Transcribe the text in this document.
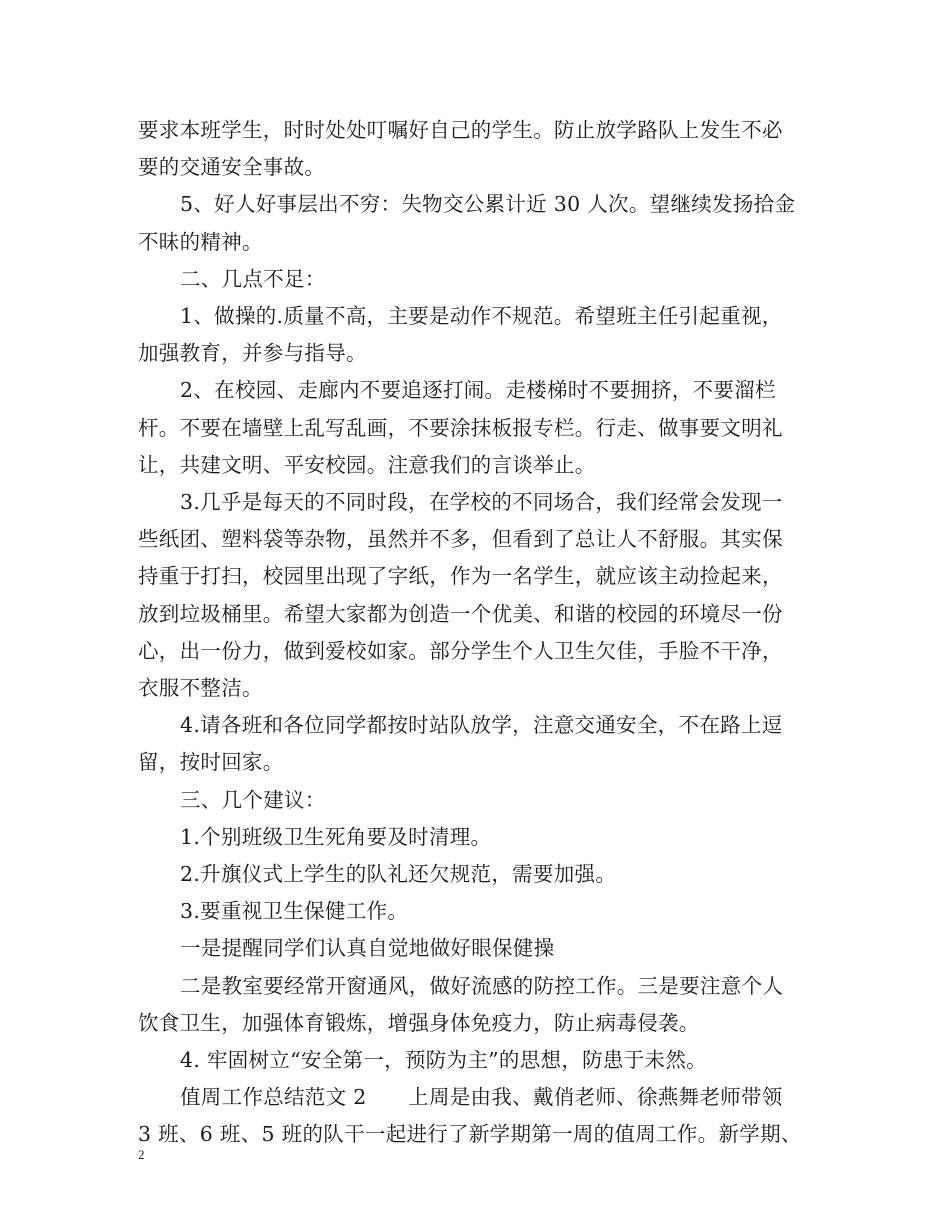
要求本班学生，时时处处叮嘱好自己的学生。防止放学路队上发生不必
要的交通安全事故。
5、好人好事层出不穷：失物交公累计近 30 人次。望继续发扬拾金
不昧的精神。
二、几点不足：
1、做操的.质量不高，主要是动作不规范。希望班主任引起重视，
加强教育，并参与指导。
2、在校园、走廊内不要追逐打闹。走楼梯时不要拥挤，不要溜栏
杆。不要在墙壁上乱写乱画，不要涂抹板报专栏。行走、做事要文明礼
让，共建文明、平安校园。注意我们的言谈举止。
3.几乎是每天的不同时段，在学校的不同场合，我们经常会发现一
些纸团、塑料袋等杂物，虽然并不多，但看到了总让人不舒服。其实保
持重于打扫，校园里出现了字纸，作为一名学生，就应该主动捡起来，
放到垃圾桶里。希望大家都为创造一个优美、和谐的校园的环境尽一份
心，出一份力，做到爱校如家。部分学生个人卫生欠佳，手脸不干净，
衣服不整洁。
4.请各班和各位同学都按时站队放学，注意交通安全，不在路上逗
留，按时回家。
三、几个建议：
1.个别班级卫生死角要及时清理。
2.升旗仪式上学生的队礼还欠规范，需要加强。
3.要重视卫生保健工作。
一是提醒同学们认真自觉地做好眼保健操
二是教室要经常开窗通风，做好流感的防控工作。三是要注意个人
饮食卫生，加强体育锻炼，增强身体免疫力，防止病毒侵袭。
4. 牢固树立“安全第一，预防为主”的思想，防患于未然。
值周工作总结范文 2　　上周是由我、戴俏老师、徐燕舞老师带领
3 班、6 班、5 班的队干一起进行了新学期第一周的值周工作。新学期、
2
